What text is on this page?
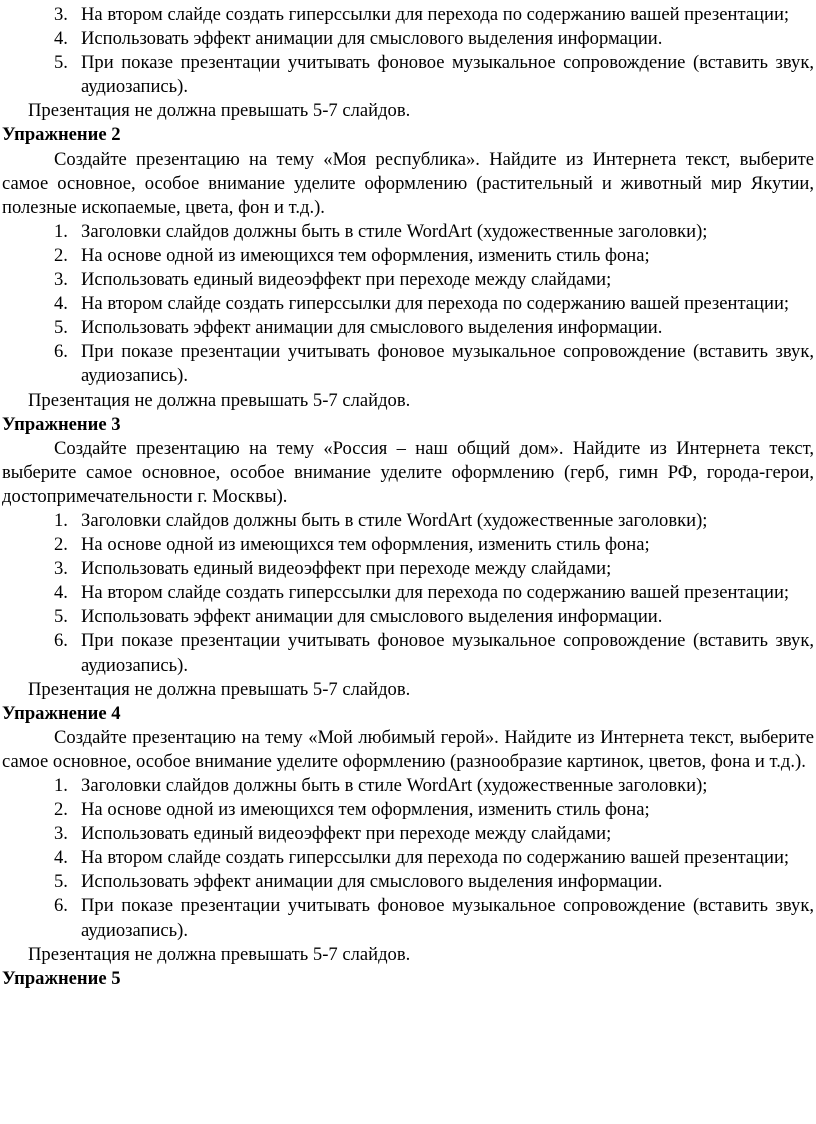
3. На втором слайде создать гиперссылки для перехода по содержанию вашей презентации;
4. Использовать эффект анимации для смыслового выделения информации.
5. При показе презентации учитывать фоновое музыкальное сопровождение (вставить звук, аудиозапись).
Презентация не должна превышать 5-7 слайдов.
Упражнение 2
Создайте презентацию на тему «Моя республика». Найдите из Интернета текст, выберите самое основное, особое внимание уделите оформлению (растительный и животный мир Якутии, полезные ископаемые, цвета, фон и т.д.).
1. Заголовки слайдов должны быть в стиле WordArt (художественные заголовки);
2. На основе одной из имеющихся тем оформления, изменить стиль фона;
3. Использовать единый видеоэффект при переходе между слайдами;
4. На втором слайде создать гиперссылки для перехода по содержанию вашей презентации;
5. Использовать эффект анимации для смыслового выделения информации.
6. При показе презентации учитывать фоновое музыкальное сопровождение (вставить звук, аудиозапись).
Презентация не должна превышать 5-7 слайдов.
Упражнение 3
Создайте презентацию на тему «Россия – наш общий дом». Найдите из Интернета текст, выберите самое основное, особое внимание уделите оформлению (герб, гимн РФ, города-герои, достопримечательности г. Москвы).
1. Заголовки слайдов должны быть в стиле WordArt (художественные заголовки);
2. На основе одной из имеющихся тем оформления, изменить стиль фона;
3. Использовать единый видеоэффект при переходе между слайдами;
4. На втором слайде создать гиперссылки для перехода по содержанию вашей презентации;
5. Использовать эффект анимации для смыслового выделения информации.
6. При показе презентации учитывать фоновое музыкальное сопровождение (вставить звук, аудиозапись).
Презентация не должна превышать 5-7 слайдов.
Упражнение 4
Создайте презентацию на тему «Мой любимый герой». Найдите из Интернета текст, выберите самое основное, особое внимание уделите оформлению (разнообразие картинок, цветов, фона и т.д.).
1. Заголовки слайдов должны быть в стиле WordArt (художественные заголовки);
2. На основе одной из имеющихся тем оформления, изменить стиль фона;
3. Использовать единый видеоэффект при переходе между слайдами;
4. На втором слайде создать гиперссылки для перехода по содержанию вашей презентации;
5. Использовать эффект анимации для смыслового выделения информации.
6. При показе презентации учитывать фоновое музыкальное сопровождение (вставить звук, аудиозапись).
Презентация не должна превышать 5-7 слайдов.
Упражнение 5
